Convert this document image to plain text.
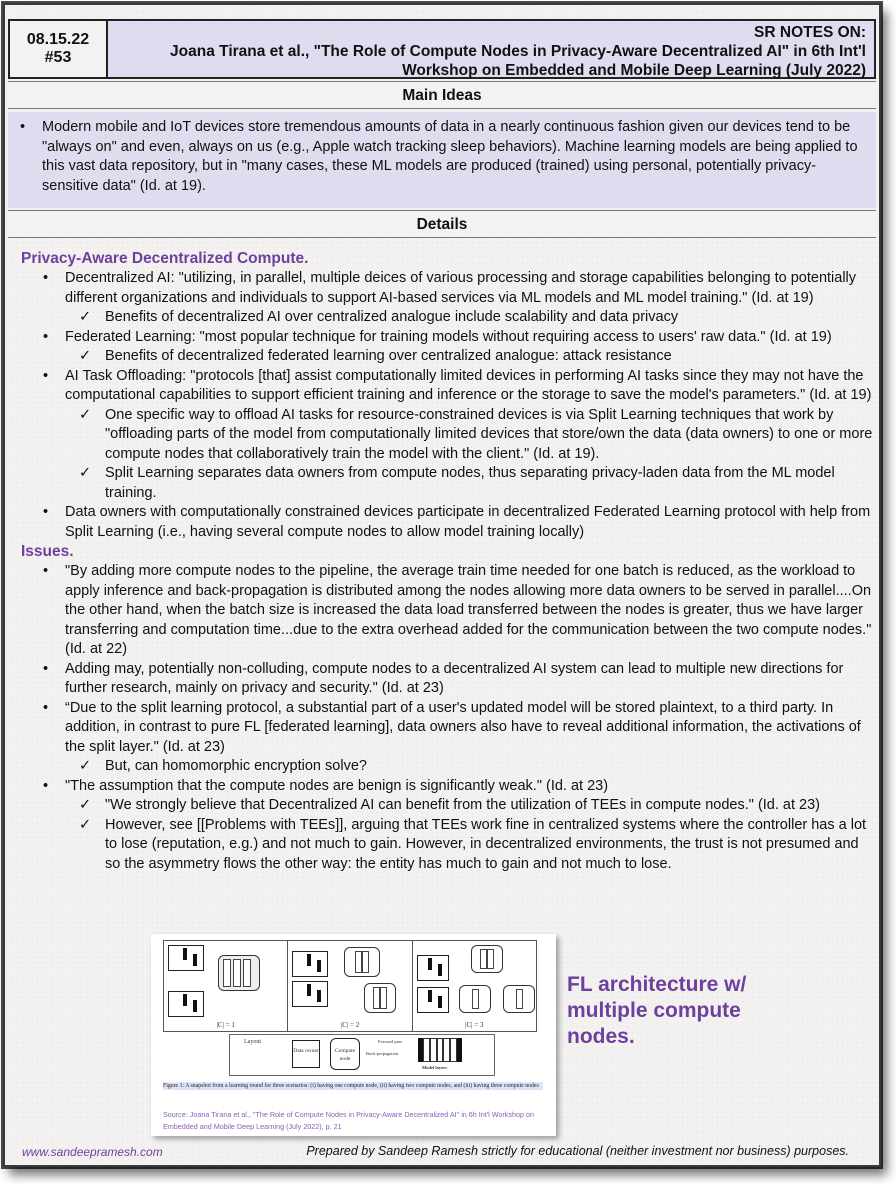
08.15.22
#53
SR NOTES ON:
Joana Tirana et al., "The Role of Compute Nodes in Privacy-Aware Decentralized AI" in 6th Int'l
Workshop on Embedded and Mobile Deep Learning (July 2022)
Main Ideas
•	Modern mobile and IoT devices store tremendous amounts of data in a nearly continuous fashion given our devices tend to be "always on" and even, always on us (e.g., Apple watch tracking sleep behaviors). Machine learning models are being applied to this vast data repository, but in "many cases, these ML models are produced (trained) using personal, potentially privacy-sensitive data" (Id. at 19).
Details
Privacy-Aware Decentralized Compute.
•	Decentralized AI: "utilizing, in parallel, multiple deices of various processing and storage capabilities belonging to potentially different organizations and individuals to support AI-based services via ML models and ML model training." (Id. at 19)
✓ Benefits of decentralized AI over centralized analogue include scalability and data privacy
•	Federated Learning: "most popular technique for training models without requiring access to users' raw data." (Id. at 19)
✓ Benefits of decentralized federated learning over centralized analogue: attack resistance
•	AI Task Offloading: "protocols [that] assist computationally limited devices in performing AI tasks since they may not have the computational capabilities to support efficient training and inference or the storage to save the model's parameters." (Id. at 19)
✓ One specific way to offload AI tasks for resource-constrained devices is via Split Learning techniques that work by "offloading parts of the model from computationally limited devices that store/own the data (data owners) to one or more compute nodes that collaboratively train the model with the client." (Id. at 19).
✓ Split Learning separates data owners from compute nodes, thus separating privacy-laden data from the ML model training.
•	Data owners with computationally constrained devices participate in decentralized Federated Learning protocol with help from Split Learning (i.e., having several compute nodes to allow model training locally)
Issues.
•	"By adding more compute nodes to the pipeline, the average train time needed for one batch is reduced, as the workload to apply inference and back-propagation is distributed among the nodes allowing more data owners to be served in parallel....On the other hand, when the batch size is increased the data load transferred between the nodes is greater, thus we have larger transferring and computation time...due to the extra overhead added for the communication between the two compute nodes." (Id. at 22)
•	Adding may, potentially non-colluding, compute nodes to a decentralized AI system can lead to multiple new directions for further research, mainly on privacy and security." (Id. at 23)
•	“Due to the split learning protocol, a substantial part of a user's updated model will be stored plaintext, to a third party. In addition, in contrast to pure FL [federated learning], data owners also have to reveal additional information, the activations of the split layer." (Id. at 23)
✓ But, can homomorphic encryption solve?
•	"The assumption that the compute nodes are benign is significantly weak." (Id. at 23)
✓ "We strongly believe that Decentralized AI can benefit from the utilization of TEEs in compute nodes." (Id. at 23)
✓ However, see [[Problems with TEEs]], arguing that TEEs work fine in centralized systems where the controller has a lot to lose (reputation, e.g.) and not much to gain. However, in decentralized environments, the trust is not presumed and so the asymmetry flows the other way: the entity has much to gain and not much to lose.
|C| = 1	|C| = 2	|C| = 3
Layout
Data owner	Compute node
Forward pass
Back-propagation
Model layers
Figure 1: A snapshot from a learning round for three scenarios: (i) having one compute node, (ii) having two compute nodes, and (iii) having three compute nodes
Source: Joana Tirana et al., "The Role of Compute Nodes in Privacy-Aware Decentralized AI" in 6h Int'l Workshop on Embedded and Mobile Deep Learning (July 2022), p. 21
FL architecture w/ multiple compute nodes.
www.sandeepramesh.com	Prepared by Sandeep Ramesh strictly for educational (neither investment nor business) purposes.
